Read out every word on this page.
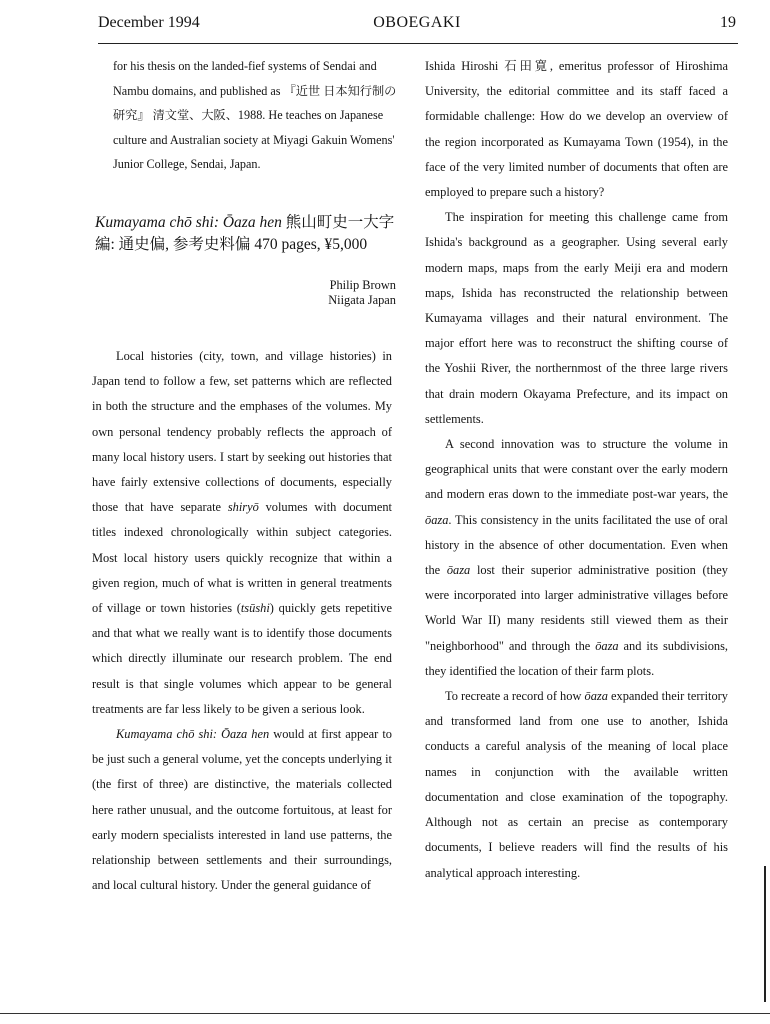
December 1994	OBOEGAKI	19

for his thesis on the landed-fief systems of Sendai and Nambu domains, and published as 『近世 日本知行制の研究』 清文堂、大阪、1988. He teaches on Japanese culture and Australian society at Miyagi Gakuin Womens' Junior College, Sendai, Japan.

Kumayama chō shi: Ōaza hen 熊山町史一大字編: 通史偏, 参考史料偏 470 pages, ¥5,000

Philip Brown
Niigata Japan

Local histories (city, town, and village histories) in Japan tend to follow a few, set patterns which are reflected in both the structure and the emphases of the volumes. My own personal tendency probably reflects the approach of many local history users. I start by seeking out histories that have fairly extensive collections of documents, especially those that have separate shiryō volumes with document titles indexed chronologically within subject categories. Most local history users quickly recognize that within a given region, much of what is written in general treatments of village or town histories (tsūshi) quickly gets repetitive and that what we really want is to identify those documents which directly illuminate our research problem. The end result is that single volumes which appear to be general treatments are far less likely to be given a serious look.

Kumayama chō shi: Ōaza hen would at first appear to be just such a general volume, yet the concepts underlying it (the first of three) are distinctive, the materials collected here rather unusual, and the outcome fortuitous, at least for early modern specialists interested in land use patterns, the relationship between settlements and their surroundings, and local cultural history. Under the general guidance of

Ishida Hiroshi 石田寛, emeritus professor of Hiroshima University, the editorial committee and its staff faced a formidable challenge: How do we develop an overview of the region incorporated as Kumayama Town (1954), in the face of the very limited number of documents that often are employed to prepare such a history?

The inspiration for meeting this challenge came from Ishida's background as a geographer. Using several early modern maps, maps from the early Meiji era and modern maps, Ishida has reconstructed the relationship between Kumayama villages and their natural environment. The major effort here was to reconstruct the shifting course of the Yoshii River, the northernmost of the three large rivers that drain modern Okayama Prefecture, and its impact on settlements.

A second innovation was to structure the volume in geographical units that were constant over the early modern and modern eras down to the immediate post-war years, the ōaza. This consistency in the units facilitated the use of oral history in the absence of other documentation. Even when the ōaza lost their superior administrative position (they were incorporated into larger administrative villages before World War II) many residents still viewed them as their "neighborhood" and through the ōaza and its subdivisions, they identified the location of their farm plots.

To recreate a record of how ōaza expanded their territory and transformed land from one use to another, Ishida conducts a careful analysis of the meaning of local place names in conjunction with the available written documentation and close examination of the topography. Although not as certain an precise as contemporary documents, I believe readers will find the results of his analytical approach interesting.
